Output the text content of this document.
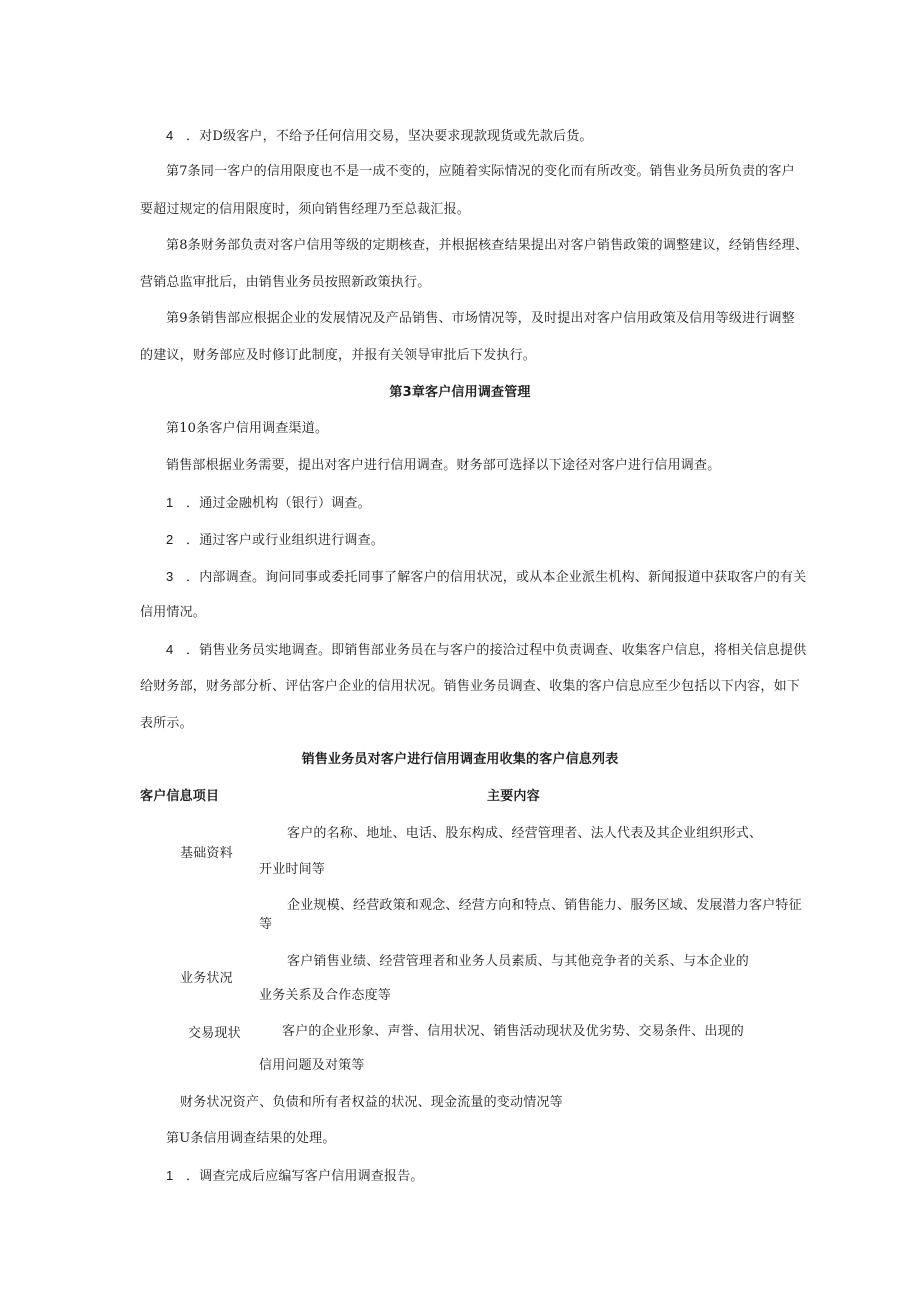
4 ．对D级客户，不给予任何信用交易，坚决要求现款现货或先款后货。
第7条同一客户的信用限度也不是一成不变的，应随着实际情况的变化而有所改变。销售业务员所负责的客户
要超过规定的信用限度时，须向销售经理乃至总裁汇报。
第8条财务部负责对客户信用等级的定期核查，并根据核查结果提出对客户销售政策的调整建议，经销售经理、
营销总监审批后，由销售业务员按照新政策执行。
第9条销售部应根据企业的发展情况及产品销售、市场情况等，及时提出对客户信用政策及信用等级进行调整
的建议，财务部应及时修订此制度，并报有关领导审批后下发执行。
第3章客户信用调查管理
第10条客户信用调查渠道。
销售部根据业务需要，提出对客户进行信用调查。财务部可选择以下途径对客户进行信用调查。
1 ．通过金融机构（银行）调查。
2 ．通过客户或行业组织进行调查。
3 ．内部调查。询问同事或委托同事了解客户的信用状况，或从本企业派生机构、新闻报道中获取客户的有关
信用情况。
4 ．销售业务员实地调查。即销售部业务员在与客户的接洽过程中负责调查、收集客户信息，将相关信息提供
给财务部，财务部分析、评估客户企业的信用状况。销售业务员调查、收集的客户信息应至少包括以下内容，如下
表所示。
销售业务员对客户进行信用调查用收集的客户信息列表
客户信息项目	主要内容
客户的名称、地址、电话、股东构成、经营管理者、法人代表及其企业组织形式、
基础资料
开业时间等
企业规模、经营政策和观念、经营方向和特点、销售能力、服务区域、发展潜力客户特征
等
客户销售业绩、经营管理者和业务人员素质、与其他竞争者的关系、与本企业的
业务状况
业务关系及合作态度等
交易现状	客户的企业形象、声誉、信用状况、销售活动现状及优劣势、交易条件、出现的
信用问题及对策等
财务状况资产、负债和所有者权益的状况、现金流量的变动情况等
第U条信用调查结果的处理。
1 ．调查完成后应编写客户信用调查报告。
